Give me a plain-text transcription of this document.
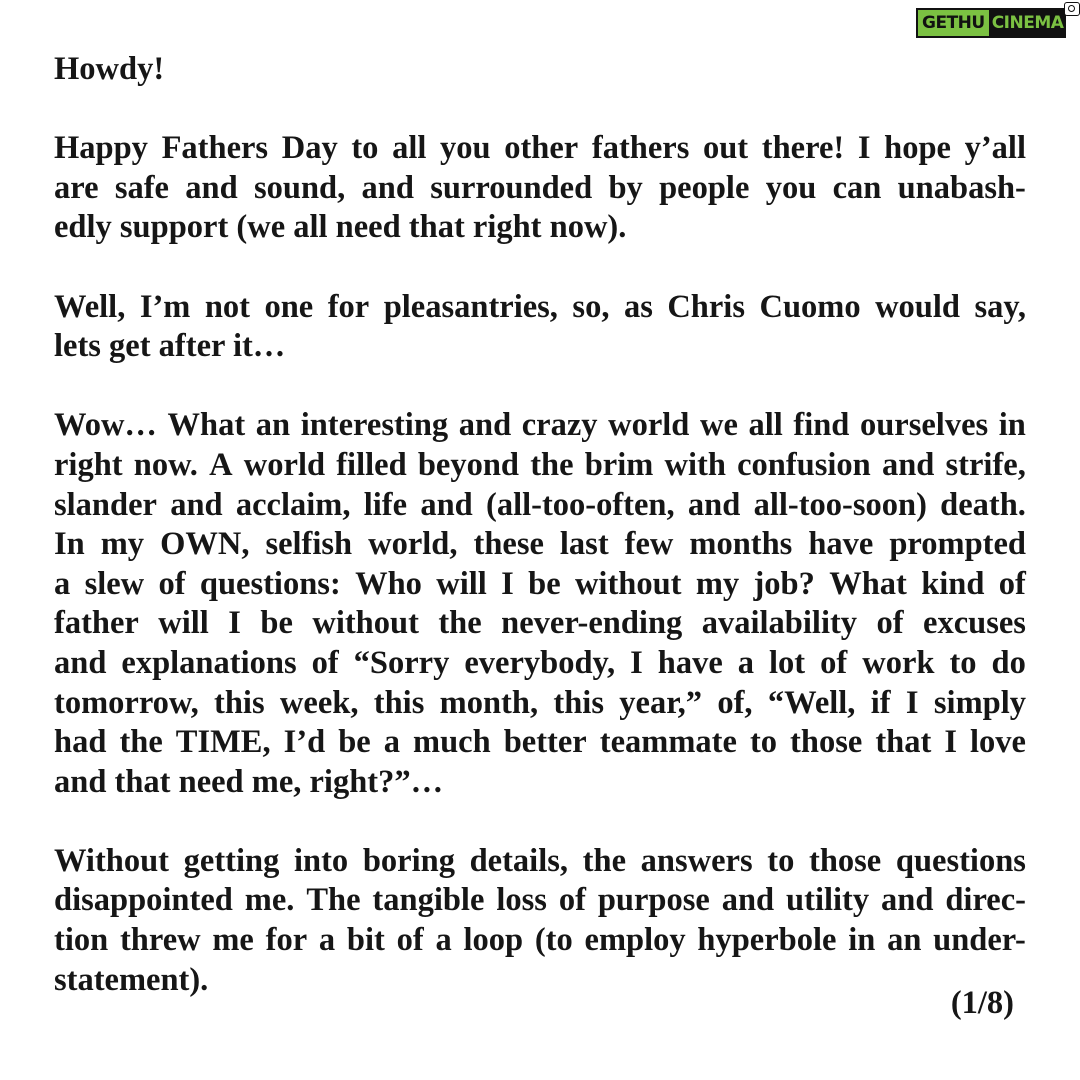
GETHU CINEMA

Howdy!

Happy Fathers Day to all you other fathers out there! I hope y’all
are safe and sound, and surrounded by people you can unabash-
edly support (we all need that right now).

Well, I’m not one for pleasantries, so, as Chris Cuomo would say,
lets get after it…

Wow… What an interesting and crazy world we all find ourselves in
right now. A world filled beyond the brim with confusion and strife,
slander and acclaim, life and (all-too-often, and all-too-soon) death.
In my OWN, selfish world, these last few months have prompted
a slew of questions: Who will I be without my job? What kind of
father will I be without the never-ending availability of excuses
and explanations of “Sorry everybody, I have a lot of work to do
tomorrow, this week, this month, this year,” of, “Well, if I simply
had the TIME, I’d be a much better teammate to those that I love
and that need me, right?”…

Without getting into boring details, the answers to those questions
disappointed me. The tangible loss of purpose and utility and direc-
tion threw me for a bit of a loop (to employ hyperbole in an under-
statement).

(1/8)
